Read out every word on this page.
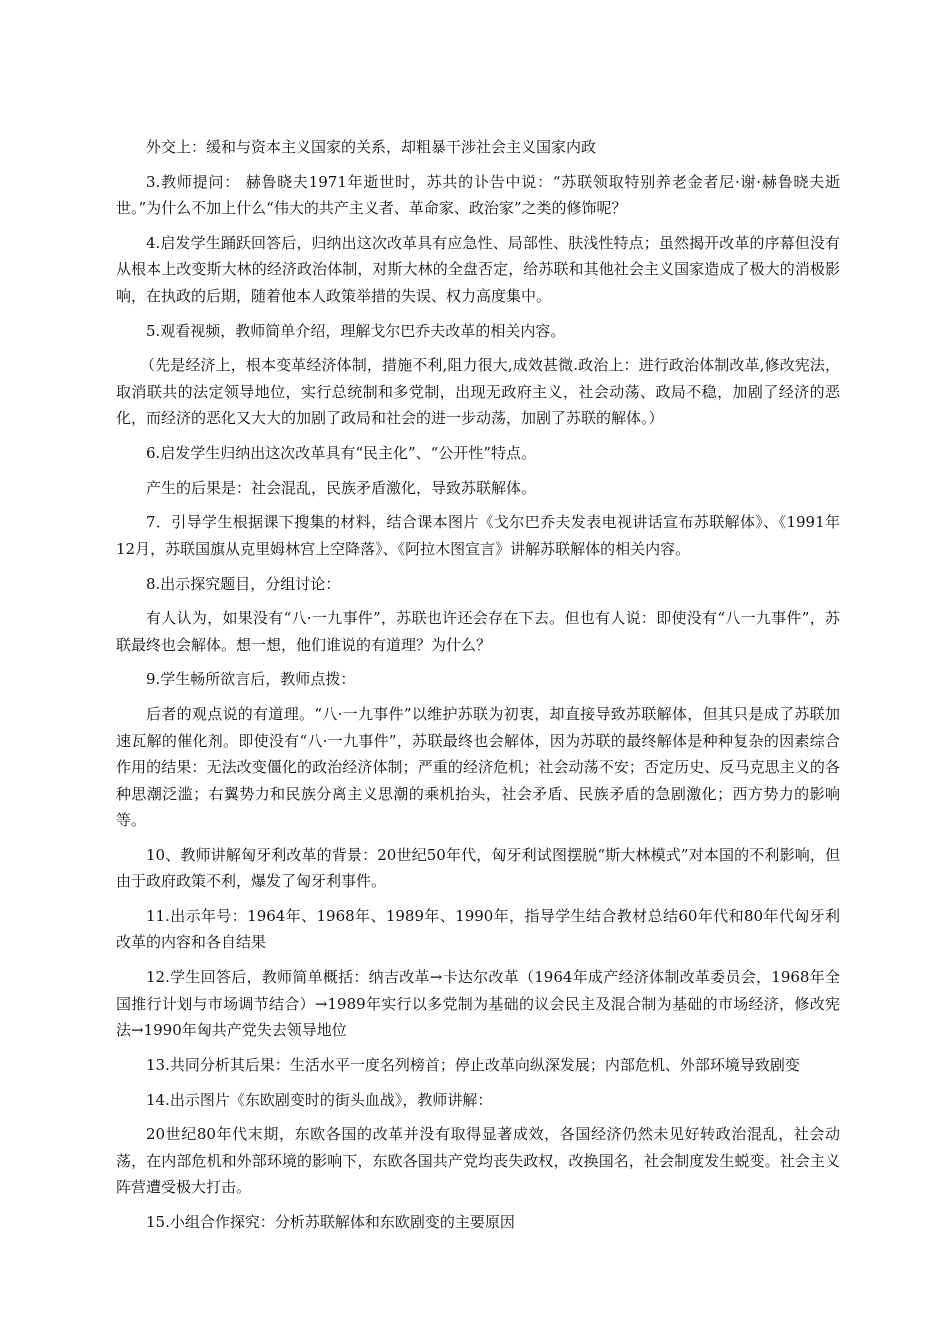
外交上：缓和与资本主义国家的关系，却粗暴干涉社会主义国家内政

3.教师提问： 赫鲁晓夫1971年逝世时，苏共的讣告中说：“苏联领取特别养老金者尼·谢·赫鲁晓夫逝世。”为什么不加上什么“伟大的共产主义者、革命家、政治家”之类的修饰呢？

4.启发学生踊跃回答后，归纳出这次改革具有应急性、局部性、肤浅性特点；虽然揭开改革的序幕但没有从根本上改变斯大林的经济政治体制，对斯大林的全盘否定，给苏联和其他社会主义国家造成了极大的消极影响，在执政的后期，随着他本人政策举措的失误、权力高度集中。

5.观看视频，教师简单介绍，理解戈尔巴乔夫改革的相关内容。

（先是经济上，根本变革经济体制，措施不利,阻力很大,成效甚微.政治上：进行政治体制改革,修改宪法，取消联共的法定领导地位，实行总统制和多党制，出现无政府主义，社会动荡、政局不稳，加剧了经济的恶化，而经济的恶化又大大的加剧了政局和社会的进一步动荡，加剧了苏联的解体。）

6.启发学生归纳出这次改革具有“民主化”、“公开性”特点。

产生的后果是：社会混乱，民族矛盾激化，导致苏联解体。

7．引导学生根据课下搜集的材料，结合课本图片《戈尔巴乔夫发表电视讲话宣布苏联解体》、《1991年12月，苏联国旗从克里姆林宫上空降落》、《阿拉木图宣言》讲解苏联解体的相关内容。

8.出示探究题目，分组讨论：

有人认为，如果没有“八·一九事件”，苏联也许还会存在下去。但也有人说：即使没有“八一九事件”，苏联最终也会解体。想一想，他们谁说的有道理？为什么？

9.学生畅所欲言后，教师点拨：

后者的观点说的有道理。“八·一九事件”以维护苏联为初衷，却直接导致苏联解体，但其只是成了苏联加速瓦解的催化剂。即使没有“八·一九事件”，苏联最终也会解体，因为苏联的最终解体是种种复杂的因素综合作用的结果：无法改变僵化的政治经济体制；严重的经济危机；社会动荡不安；否定历史、反马克思主义的各种思潮泛滥；右翼势力和民族分离主义思潮的乘机抬头，社会矛盾、民族矛盾的急剧激化；西方势力的影响等。

10、教师讲解匈牙利改革的背景：20世纪50年代，匈牙利试图摆脱“斯大林模式”对本国的不利影响，但由于政府政策不利，爆发了匈牙利事件。

11.出示年号：1964年、1968年、1989年、1990年，指导学生结合教材总结60年代和80年代匈牙利改革的内容和各自结果

12.学生回答后，教师简单概括：纳吉改革→卡达尔改革（1964年成产经济体制改革委员会，1968年全国推行计划与市场调节结合）→1989年实行以多党制为基础的议会民主及混合制为基础的市场经济，修改宪法→1990年匈共产党失去领导地位

13.共同分析其后果：生活水平一度名列榜首；停止改革向纵深发展；内部危机、外部环境导致剧变

14.出示图片《东欧剧变时的街头血战》，教师讲解：

20世纪80年代末期，东欧各国的改革并没有取得显著成效，各国经济仍然未见好转政治混乱，社会动荡，在内部危机和外部环境的影响下，东欧各国共产党均丧失政权，改换国名，社会制度发生蜕变。社会主义阵营遭受极大打击。

15.小组合作探究：分析苏联解体和东欧剧变的主要原因
